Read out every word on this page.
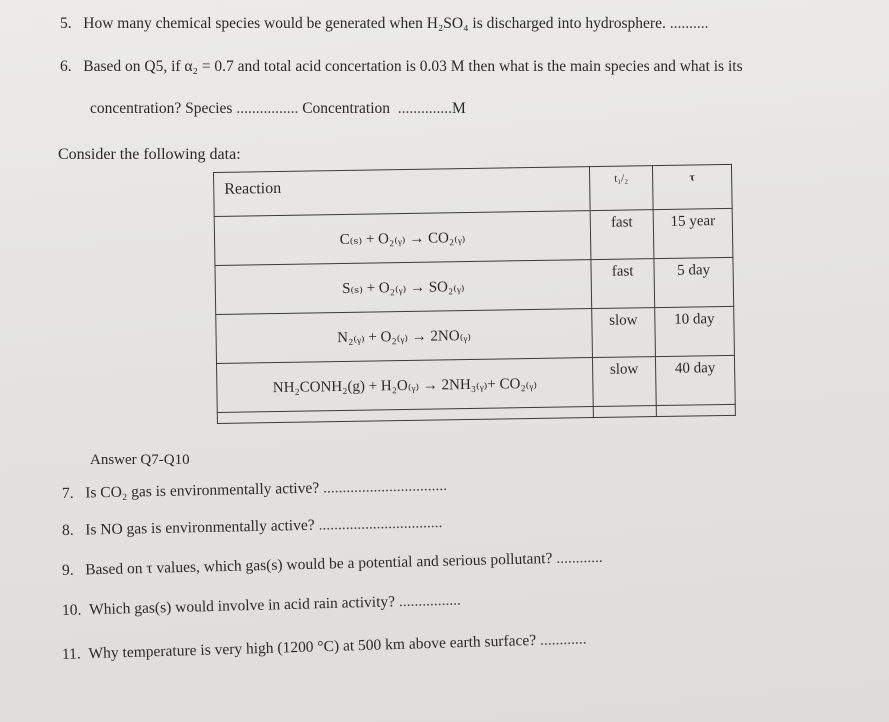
5. How many chemical species would be generated when H₂SO₄ is discharged into hydrosphere. ..........
6. Based on Q5, if α₂ = 0.7 and total acid concertation is 0.03 M then what is the main species and what is its
concentration? Species ................ Concentration ..............M
Consider the following data:
Reaction	t₁/₂	τ

C₍ₛ₎ + O₂₍ᵧ₎ → CO₂₍ᵧ₎	fast	15 year
S₍ₛ₎ + O₂₍ᵧ₎ → SO₂₍ᵧ₎	fast	5 day
N₂₍ᵧ₎ + O₂₍ᵧ₎ → 2NO₍ᵧ₎	slow	10 day
NH₂CONH₂(g) + H₂O₍ᵧ₎ → 2NH₃₍ᵧ₎+ CO₂₍ᵧ₎	slow	40 day

Answer Q7-Q10
7. Is CO₂ gas is environmentally active? ................................
8. Is NO gas is environmentally active? ................................
9. Based on τ values, which gas(s) would be a potential and serious pollutant? ............
10. Which gas(s) would involve in acid rain activity? ................
11. Why temperature is very high (1200 °C) at 500 km above earth surface? ............
